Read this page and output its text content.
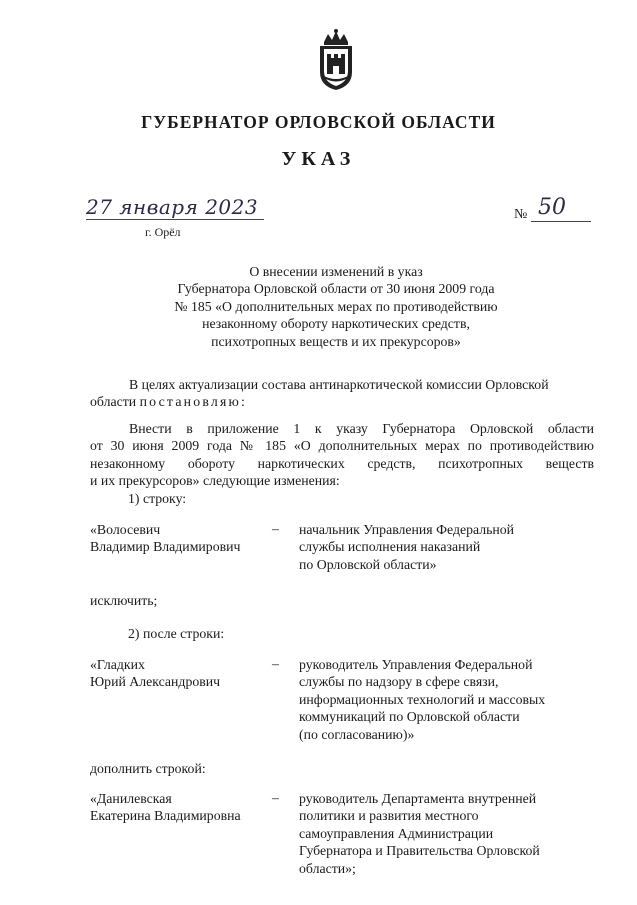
ГУБЕРНАТОР ОРЛОВСКОЙ ОБЛАСТИ
УКАЗ
27 января 2023
г. Орёл
№ 50
О внесении изменений в указ
Губернатора Орловской области от 30 июня 2009 года
№ 185 «О дополнительных мерах по противодействию
незаконному обороту наркотических средств,
психотропных веществ и их прекурсоров»
В целях актуализации состава антинаркотической комиссии Орловской
области постановляю:
Внести в приложение 1 к указу Губернатора Орловской области
от 30 июня 2009 года № 185 «О дополнительных мерах по противодействию
незаконному обороту наркотических средств, психотропных веществ
и их прекурсоров» следующие изменения:
1) строку:
«Волосевич
Владимир Владимирович
– начальник Управления Федеральной
службы исполнения наказаний
по Орловской области»
исключить;
2) после строки:
«Гладких
Юрий Александрович
– руководитель Управления Федеральной
службы по надзору в сфере связи,
информационных технологий и массовых
коммуникаций по Орловской области
(по согласованию)»
дополнить строкой:
«Данилевская
Екатерина Владимировна
– руководитель Департамента внутренней
политики и развития местного
самоуправления Администрации
Губернатора и Правительства Орловской
области»;
